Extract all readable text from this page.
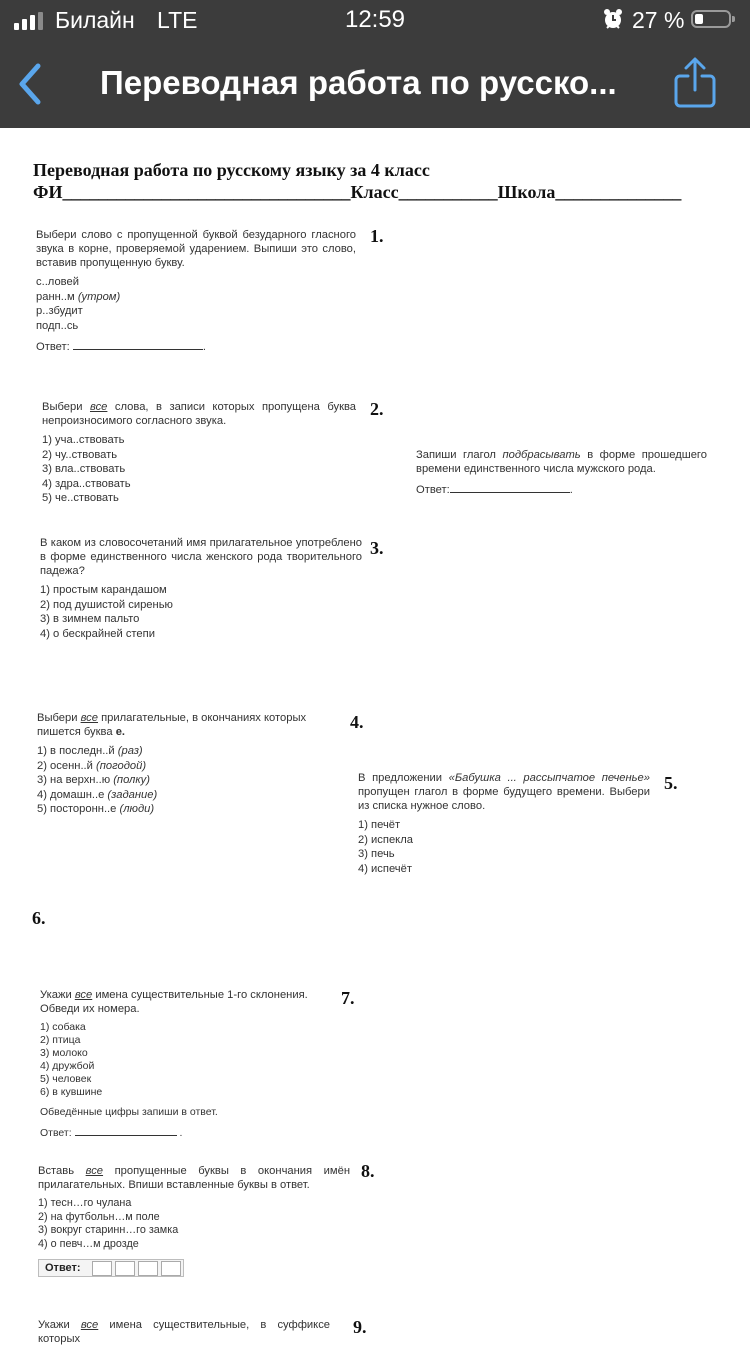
Билайн LTE	12:59	27 %
Переводная работа по русско...
Переводная работа по русскому языку за 4 класс
ФИ________________________________Класс___________Школа______________

Выбери слово с пропущенной буквой безударного гласного звука в корне, проверяемой ударением. Выпиши это слово, вставив пропущенную букву.

с..ловей
ранн..м (утром)
р..збудит
подп..сь
Ответ:	.
1.

Выбери все слова, в записи которых пропущена буква непроизносимого согласного звука.

1) уча..ствовать
2) чу..ствовать
3) вла..ствовать
4) здра..ствовать
5) че..ствовать
2.

Запиши глагол подбрасывать в форме прошедшего времени единственного числа мужского рода.

Ответ:	.

В каком из словосочетаний имя прилагательное употреблено в форме единственного числа женского рода творительного падежа?

1) простым карандашом
2) под душистой сиренью
3) в зимнем пальто
4) о бескрайней степи
3.

Выбери все прилагательные, в окончаниях которых пишется буква е.

1) в последн..й (раз)
2) осенн..й (погодой)
3) на верхн..ю (полку)
4) домашн..е (задание)
5) посторонн..е (люди)
4.

В предложении «Бабушка ... рассыпчатое печенье» пропущен глагол в форме будущего времени. Выбери из списка нужное слово.

1) печёт
2) испекла
3) печь
4) испечёт
5.
6.

Укажи все имена существительные 1-го склонения. Обведи их номера.

1) собака
2) птица
3) молоко
4) дружбой
5) человек
6) в кувшине
Обведённые цифры запиши в ответ.
Ответ:	.
7.

Вставь все пропущенные буквы в окончания имён прилагательных. Впиши вставленные буквы в ответ.

1) тесн…го чулана
2) на футбольн…м поле
3) вокруг старинн…го замка
4) о певч…м дрозде
Ответ:
8.

Укажи все имена существительные, в суффиксе которых

9.
